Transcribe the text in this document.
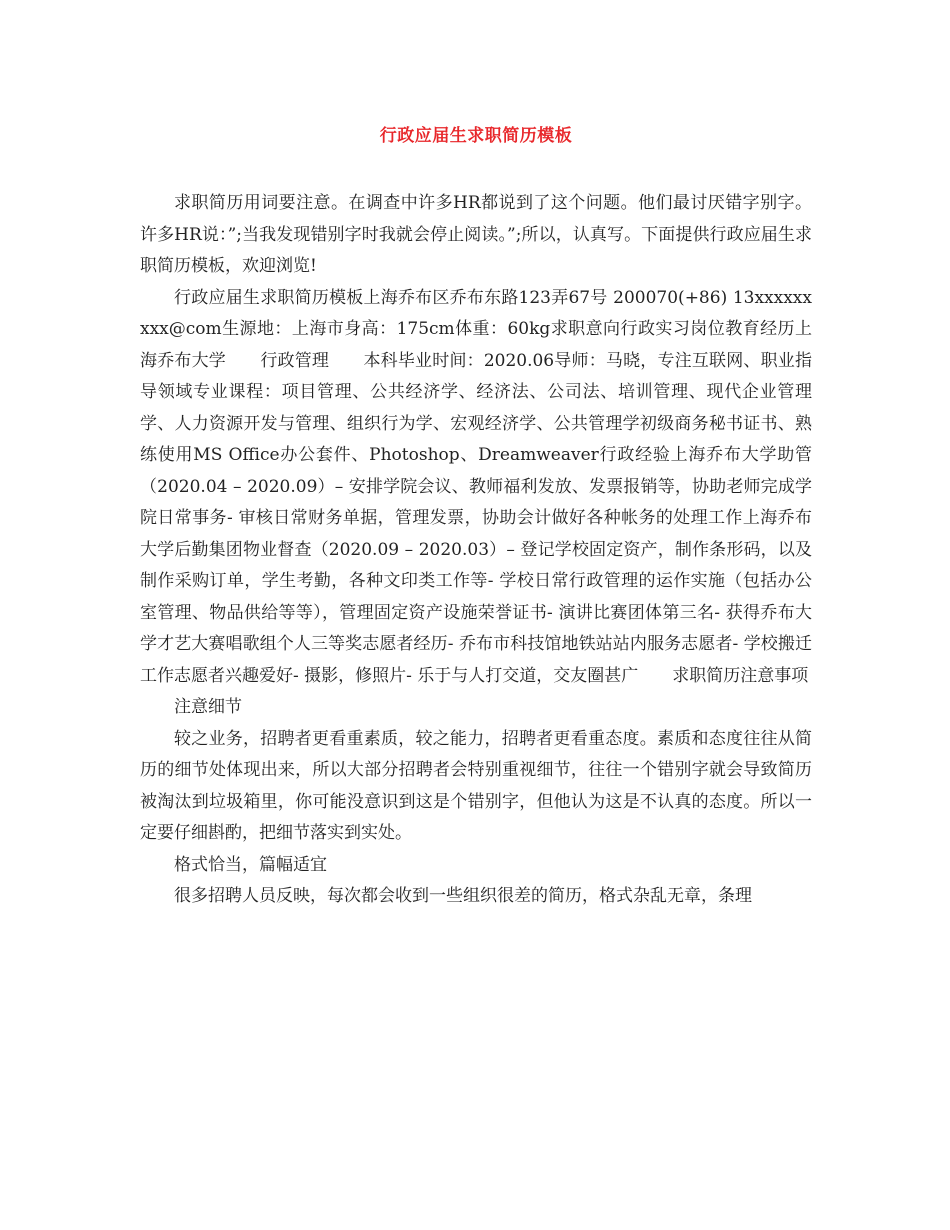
行政应届生求职简历模板

求职简历用词要注意。在调查中许多HR都说到了这个问题。他们最讨厌错字别字。许多HR说：”;当我发现错别字时我就会停止阅读。”;所以，认真写。下面提供行政应届生求职简历模板，欢迎浏览!

行政应届生求职简历模板上海乔布区乔布东路123弄67号 200070(+86) 13xxxxxxxxx@com生源地：上海市身高：175cm体重：60kg求职意向行政实习岗位教育经历上海乔布大学　　行政管理　　本科毕业时间：2020.06导师：马晓，专注互联网、职业指导领域专业课程：项目管理、公共经济学、经济法、公司法、培训管理、现代企业管理学、人力资源开发与管理、组织行为学、宏观经济学、公共管理学初级商务秘书证书、熟练使用MS Office办公套件、Photoshop、Dreamweaver行政经验上海乔布大学助管（2020.04 – 2020.09）– 安排学院会议、教师福利发放、发票报销等，协助老师完成学院日常事务- 审核日常财务单据，管理发票，协助会计做好各种帐务的处理工作上海乔布大学后勤集团物业督查（2020.09 – 2020.03）– 登记学校固定资产，制作条形码，以及制作采购订单，学生考勤，各种文印类工作等- 学校日常行政管理的运作实施（包括办公室管理、物品供给等等），管理固定资产设施荣誉证书- 演讲比赛团体第三名- 获得乔布大学才艺大赛唱歌组个人三等奖志愿者经历- 乔布市科技馆地铁站站内服务志愿者- 学校搬迁工作志愿者兴趣爱好- 摄影，修照片- 乐于与人打交道，交友圈甚广　　求职简历注意事项

注意细节

较之业务，招聘者更看重素质，较之能力，招聘者更看重态度。素质和态度往往从简历的细节处体现出来，所以大部分招聘者会特别重视细节，往往一个错别字就会导致简历被淘汰到垃圾箱里，你可能没意识到这是个错别字，但他认为这是不认真的态度。所以一定要仔细斟酌，把细节落实到实处。

格式恰当，篇幅适宜

很多招聘人员反映，每次都会收到一些组织很差的简历，格式杂乱无章，条理
